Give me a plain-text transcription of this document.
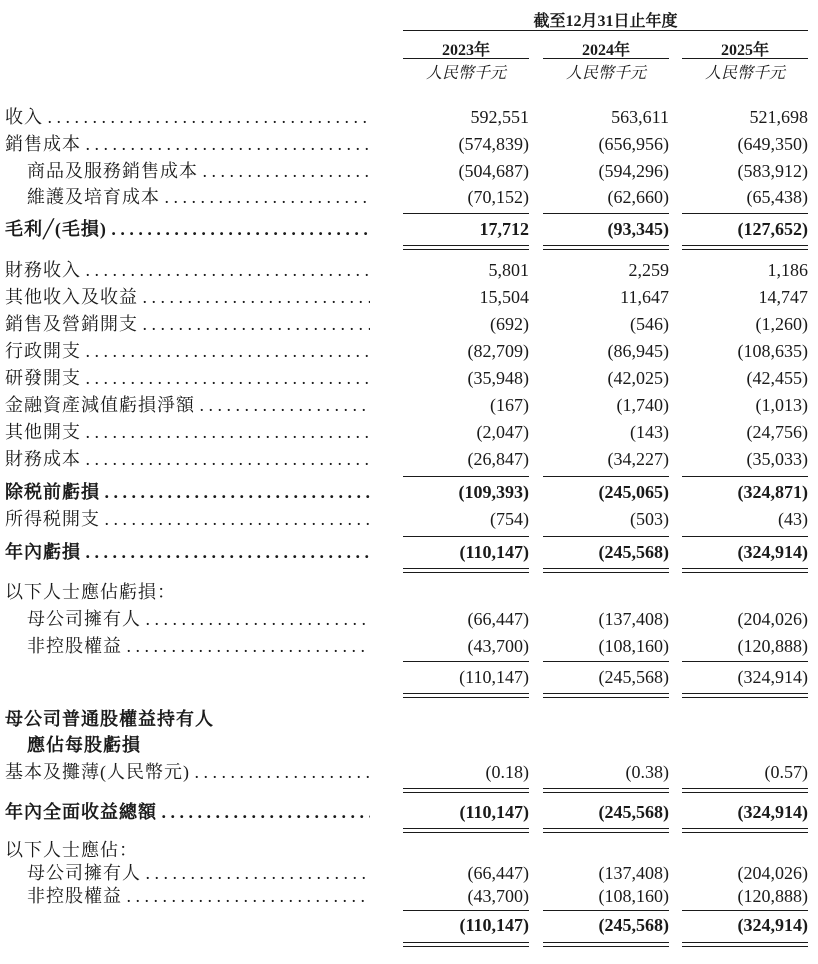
截至12月31日止年度
2023年	2024年	2025年
人民幣千元	人民幣千元	人民幣千元
收入 . . .	592,551	563,611	521,698
銷售成本 . . .	(574,839)	(656,956)	(649,350)
商品及服務銷售成本 . . .	(504,687)	(594,296)	(583,912)
維護及培育成本 . . .	(70,152)	(62,660)	(65,438)
毛利╱(毛損) . . .	17,712	(93,345)	(127,652)
財務收入 . . .	5,801	2,259	1,186
其他收入及收益 . . .	15,504	11,647	14,747
銷售及營銷開支 . . .	(692)	(546)	(1,260)
行政開支 . . .	(82,709)	(86,945)	(108,635)
研發開支 . . .	(35,948)	(42,025)	(42,455)
金融資產減值虧損淨額 . . .	(167)	(1,740)	(1,013)
其他開支 . . .	(2,047)	(143)	(24,756)
財務成本 . . .	(26,847)	(34,227)	(35,033)
除税前虧損 . . .	(109,393)	(245,065)	(324,871)
所得税開支 . . .	(754)	(503)	(43)
年內虧損 . . .	(110,147)	(245,568)	(324,914)
以下人士應佔虧損：
母公司擁有人 . . .	(66,447)	(137,408)	(204,026)
非控股權益 . . .	(43,700)	(108,160)	(120,888)
(110,147)	(245,568)	(324,914)
母公司普通股權益持有人
應佔每股虧損
基本及攤薄(人民幣元) . . .	(0.18)	(0.38)	(0.57)
年內全面收益總額 . . .	(110,147)	(245,568)	(324,914)
以下人士應佔：
母公司擁有人 . . .	(66,447)	(137,408)	(204,026)
非控股權益 . . .	(43,700)	(108,160)	(120,888)
(110,147)	(245,568)	(324,914)
